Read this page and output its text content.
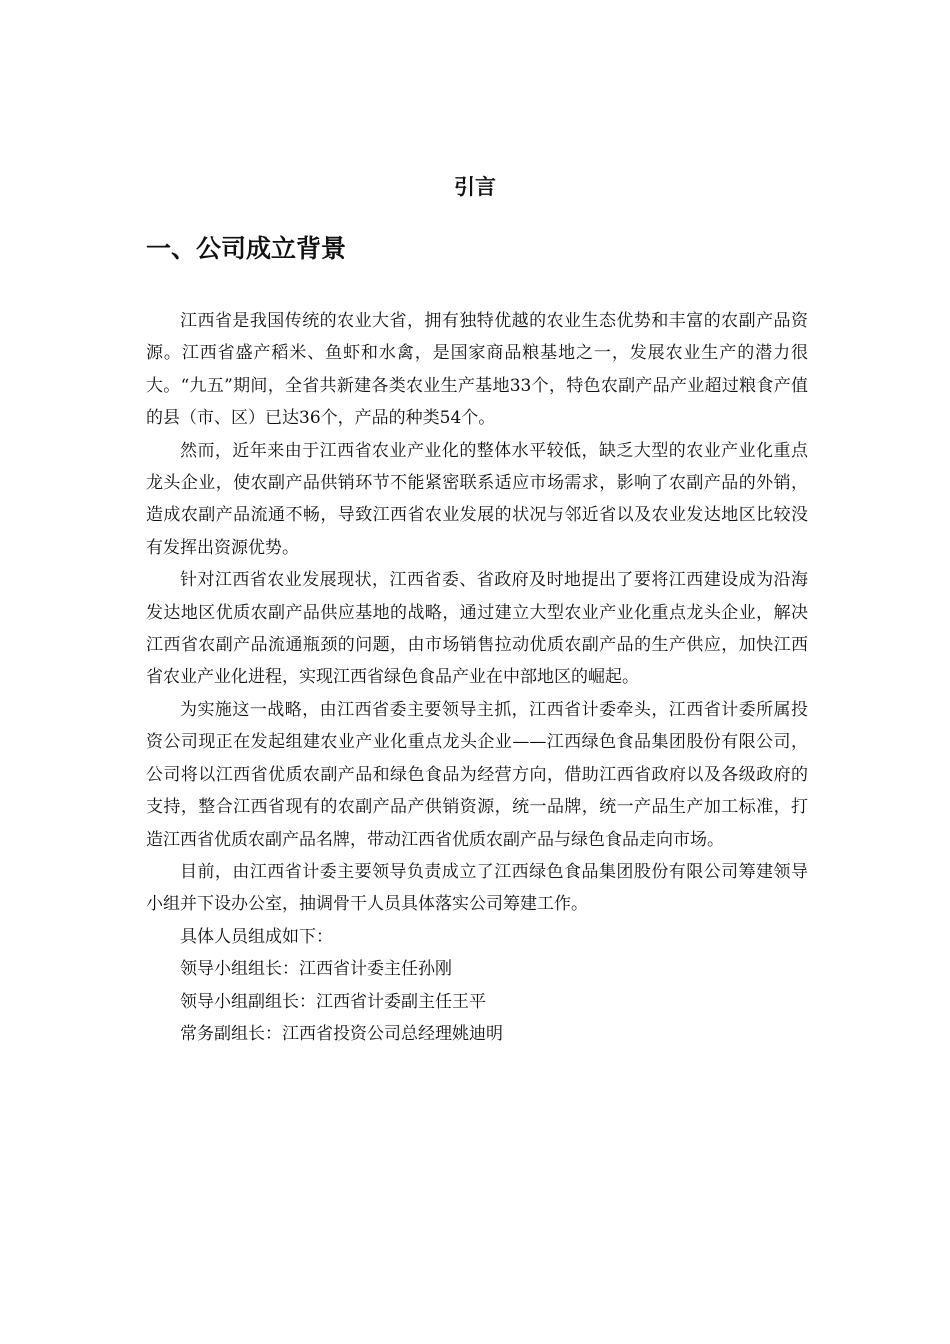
引言
一、公司成立背景

江西省是我国传统的农业大省，拥有独特优越的农业生态优势和丰富的农副产品资源。江西省盛产稻米、鱼虾和水禽，是国家商品粮基地之一，发展农业生产的潜力很大。“九五”期间，全省共新建各类农业生产基地33个，特色农副产品产业超过粮食产值的县（市、区）已达36个，产品的种类54个。

然而，近年来由于江西省农业产业化的整体水平较低，缺乏大型的农业产业化重点龙头企业，使农副产品供销环节不能紧密联系适应市场需求，影响了农副产品的外销，造成农副产品流通不畅，导致江西省农业发展的状况与邻近省以及农业发达地区比较没有发挥出资源优势。

针对江西省农业发展现状，江西省委、省政府及时地提出了要将江西建设成为沿海发达地区优质农副产品供应基地的战略，通过建立大型农业产业化重点龙头企业，解决江西省农副产品流通瓶颈的问题，由市场销售拉动优质农副产品的生产供应，加快江西省农业产业化进程，实现江西省绿色食品产业在中部地区的崛起。

为实施这一战略，由江西省委主要领导主抓，江西省计委牵头，江西省计委所属投资公司现正在发起组建农业产业化重点龙头企业——江西绿色食品集团股份有限公司，公司将以江西省优质农副产品和绿色食品为经营方向，借助江西省政府以及各级政府的支持，整合江西省现有的农副产品产供销资源，统一品牌，统一产品生产加工标准，打造江西省优质农副产品名牌，带动江西省优质农副产品与绿色食品走向市场。

目前，由江西省计委主要领导负责成立了江西绿色食品集团股份有限公司筹建领导小组并下设办公室，抽调骨干人员具体落实公司筹建工作。

具体人员组成如下：

领导小组组长：江西省计委主任孙刚

领导小组副组长：江西省计委副主任王平

常务副组长：江西省投资公司总经理姚迪明
